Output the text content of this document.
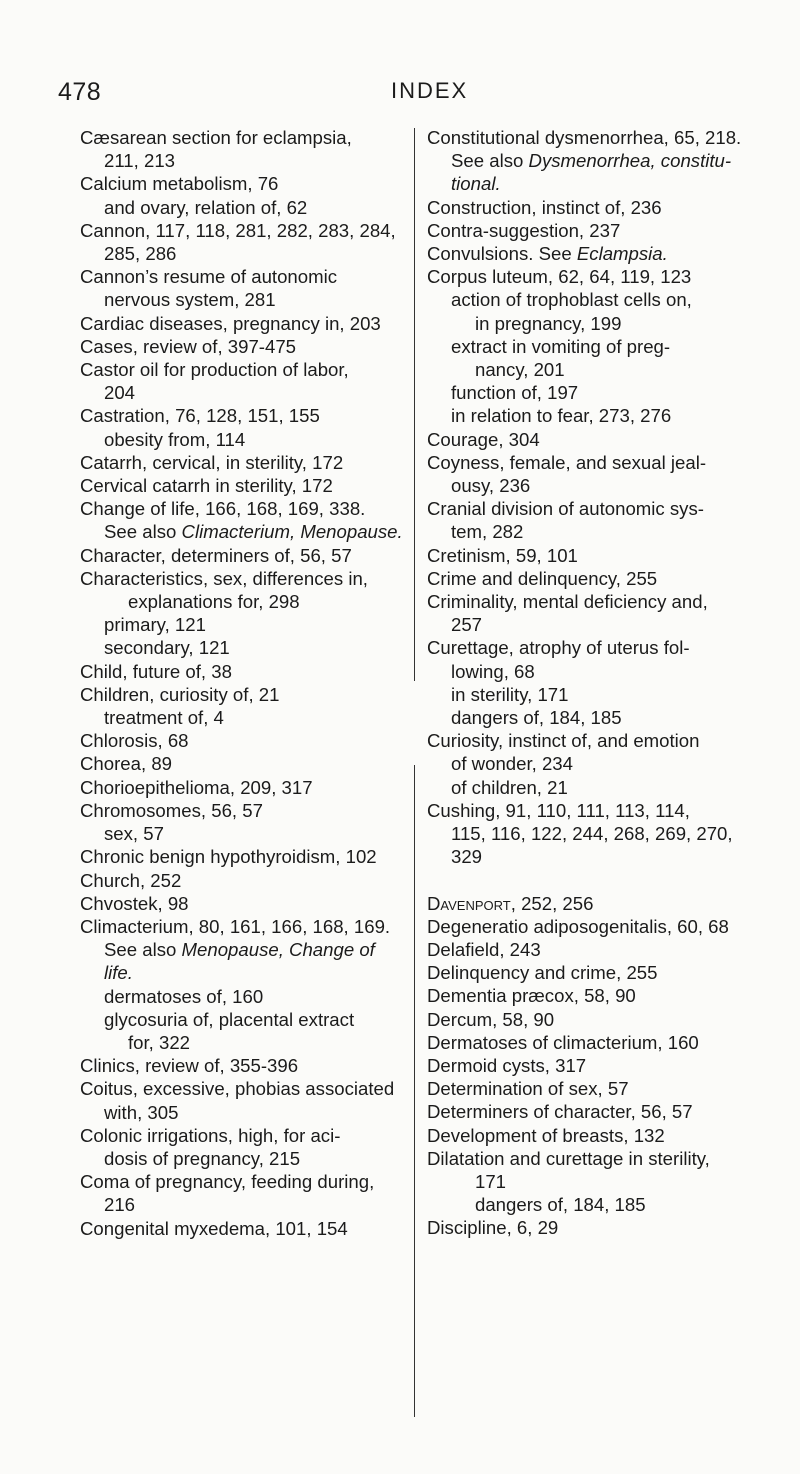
478	INDEX
Cæsarean section for eclampsia,
211, 213
Calcium metabolism, 76
and ovary, relation of, 62
Cannon, 117, 118, 281, 282, 283, 284,
285, 286
Cannon’s resume of autonomic
nervous system, 281
Cardiac diseases, pregnancy in, 203
Cases, review of, 397-475
Castor oil for production of labor,
204
Castration, 76, 128, 151, 155
obesity from, 114
Catarrh, cervical, in sterility, 172
Cervical catarrh in sterility, 172
Change of life, 166, 168, 169, 338.
See also Climacterium, Menopause.
Character, determiners of, 56, 57
Characteristics, sex, differences in,
explanations for, 298
primary, 121
secondary, 121
Child, future of, 38
Children, curiosity of, 21
treatment of, 4
Chlorosis, 68
Chorea, 89
Chorioepithelioma, 209, 317
Chromosomes, 56, 57
sex, 57
Chronic benign hypothyroidism, 102
Church, 252
Chvostek, 98
Climacterium, 80, 161, 166, 168, 169.
See also Menopause, Change of
life.
dermatoses of, 160
glycosuria of, placental extract
for, 322
Clinics, review of, 355-396
Coitus, excessive, phobias associated
with, 305
Colonic irrigations, high, for aci-
dosis of pregnancy, 215
Coma of pregnancy, feeding during,
216
Congenital myxedema, 101, 154
Constitutional dysmenorrhea, 65, 218.
See also Dysmenorrhea, constitu-
tional.
Construction, instinct of, 236
Contra-suggestion, 237
Convulsions. See Eclampsia.
Corpus luteum, 62, 64, 119, 123
action of trophoblast cells on,
in pregnancy, 199
extract in vomiting of preg-
nancy, 201
function of, 197
in relation to fear, 273, 276
Courage, 304
Coyness, female, and sexual jeal-
ousy, 236
Cranial division of autonomic sys-
tem, 282
Cretinism, 59, 101
Crime and delinquency, 255
Criminality, mental deficiency and,
257
Curettage, atrophy of uterus fol-
lowing, 68
in sterility, 171
dangers of, 184, 185
Curiosity, instinct of, and emotion
of wonder, 234
of children, 21
Cushing, 91, 110, 111, 113, 114,
115, 116, 122, 244, 268, 269, 270,
329
Davenport, 252, 256
Degeneratio adiposogenitalis, 60, 68
Delafield, 243
Delinquency and crime, 255
Dementia præcox, 58, 90
Dercum, 58, 90
Dermatoses of climacterium, 160
Dermoid cysts, 317
Determination of sex, 57
Determiners of character, 56, 57
Development of breasts, 132
Dilatation and curettage in sterility,
171
dangers of, 184, 185
Discipline, 6, 29
